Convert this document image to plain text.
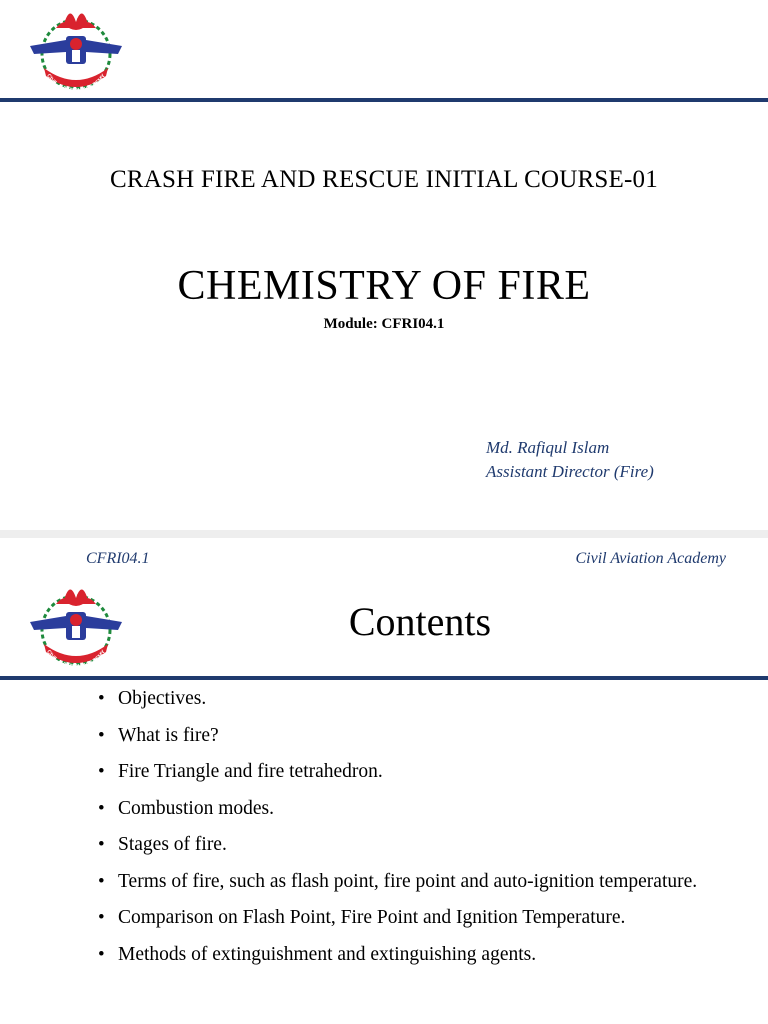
CIVIL AVIATION ACADEMY
CRASH FIRE AND RESCUE INITIAL COURSE-01
CHEMISTRY OF FIRE
Module: CFRI04.1
Md. Rafiqul Islam
Assistant Director (Fire)
CFRI04.1	Civil Aviation Academy
CIVIL AVIATION ACADEMY
Contents
• Objectives.
• What is fire?
• Fire Triangle and fire tetrahedron.
• Combustion modes.
• Stages of fire.
• Terms of fire, such as flash point, fire point and auto-ignition temperature.
• Comparison on Flash Point, Fire Point and Ignition Temperature.
• Methods of extinguishment and extinguishing agents.
